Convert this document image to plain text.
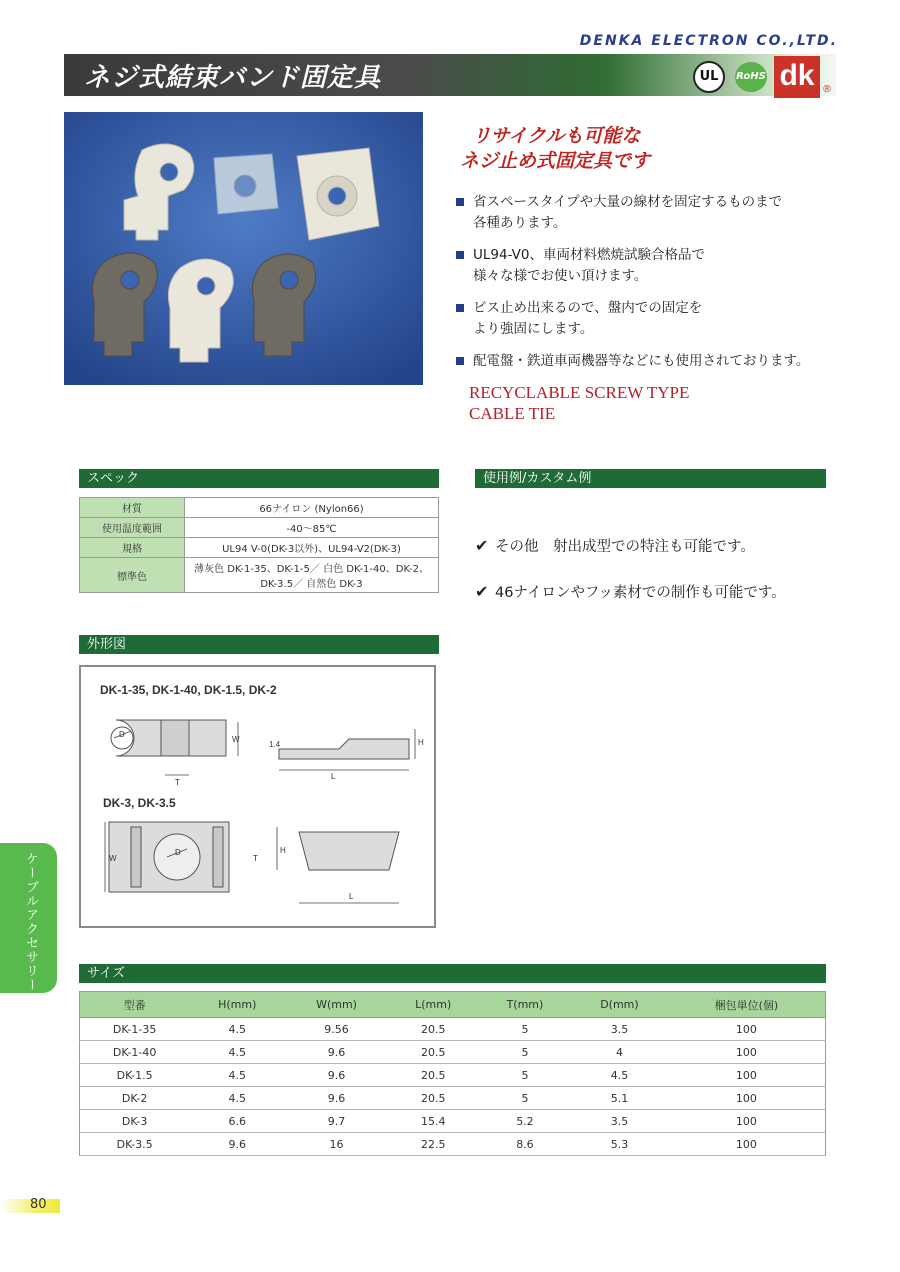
DENKA ELECTRON CO.,LTD.
ネジ式結束バンド固定具	UL	RoHS dk ®
リサイクルも可能な
ネジ止め式固定具です
省スペースタイプや大量の線材を固定するものまで
各種あります。
UL94-V0、車両材料燃焼試験合格品で
様々な様でお使い頂けます。
ビス止め出来るので、盤内での固定を
より強固にします。
配電盤・鉄道車両機器等などにも使用されております。
RECYCLABLE SCREW TYPE
CABLE TIE
スペック
材質	66ナイロン (Nylon66)
使用温度範囲	-40～85℃
規格	UL94 V-0(DK-3以外)、UL94-V2(DK-3)
標準色	薄灰色 DK-1-35、DK-1-5／ 白色 DK-1-40、DK-2、DK-3.5／ 自然色 DK-3
使用例/カスタム例
✔ その他　射出成型での特注も可能です。
✔ 46ナイロンやフッ素材での制作も可能です。
外形図
D
W
T
L
H
1.4
W
D
T
H
L
DK-1-35, DK-1-40, DK-1.5, DK-2
DK-3, DK-3.5
ケーブルアクセサリー	サイズ
型番	H(mm)	W(mm)	L(mm)	T(mm)	D(mm)	梱包単位(個)
DK-1-35	4.5	9.56	20.5	5	3.5	100
DK-1-40	4.5	9.6	20.5	5	4	100
DK-1.5	4.5	9.6	20.5	5	4.5	100
DK-2	4.5	9.6	20.5	5	5.1	100
DK-3	6.6	9.7	15.4	5.2	3.5	100
DK-3.5	9.6	16	22.5	8.6	5.3	100
80
